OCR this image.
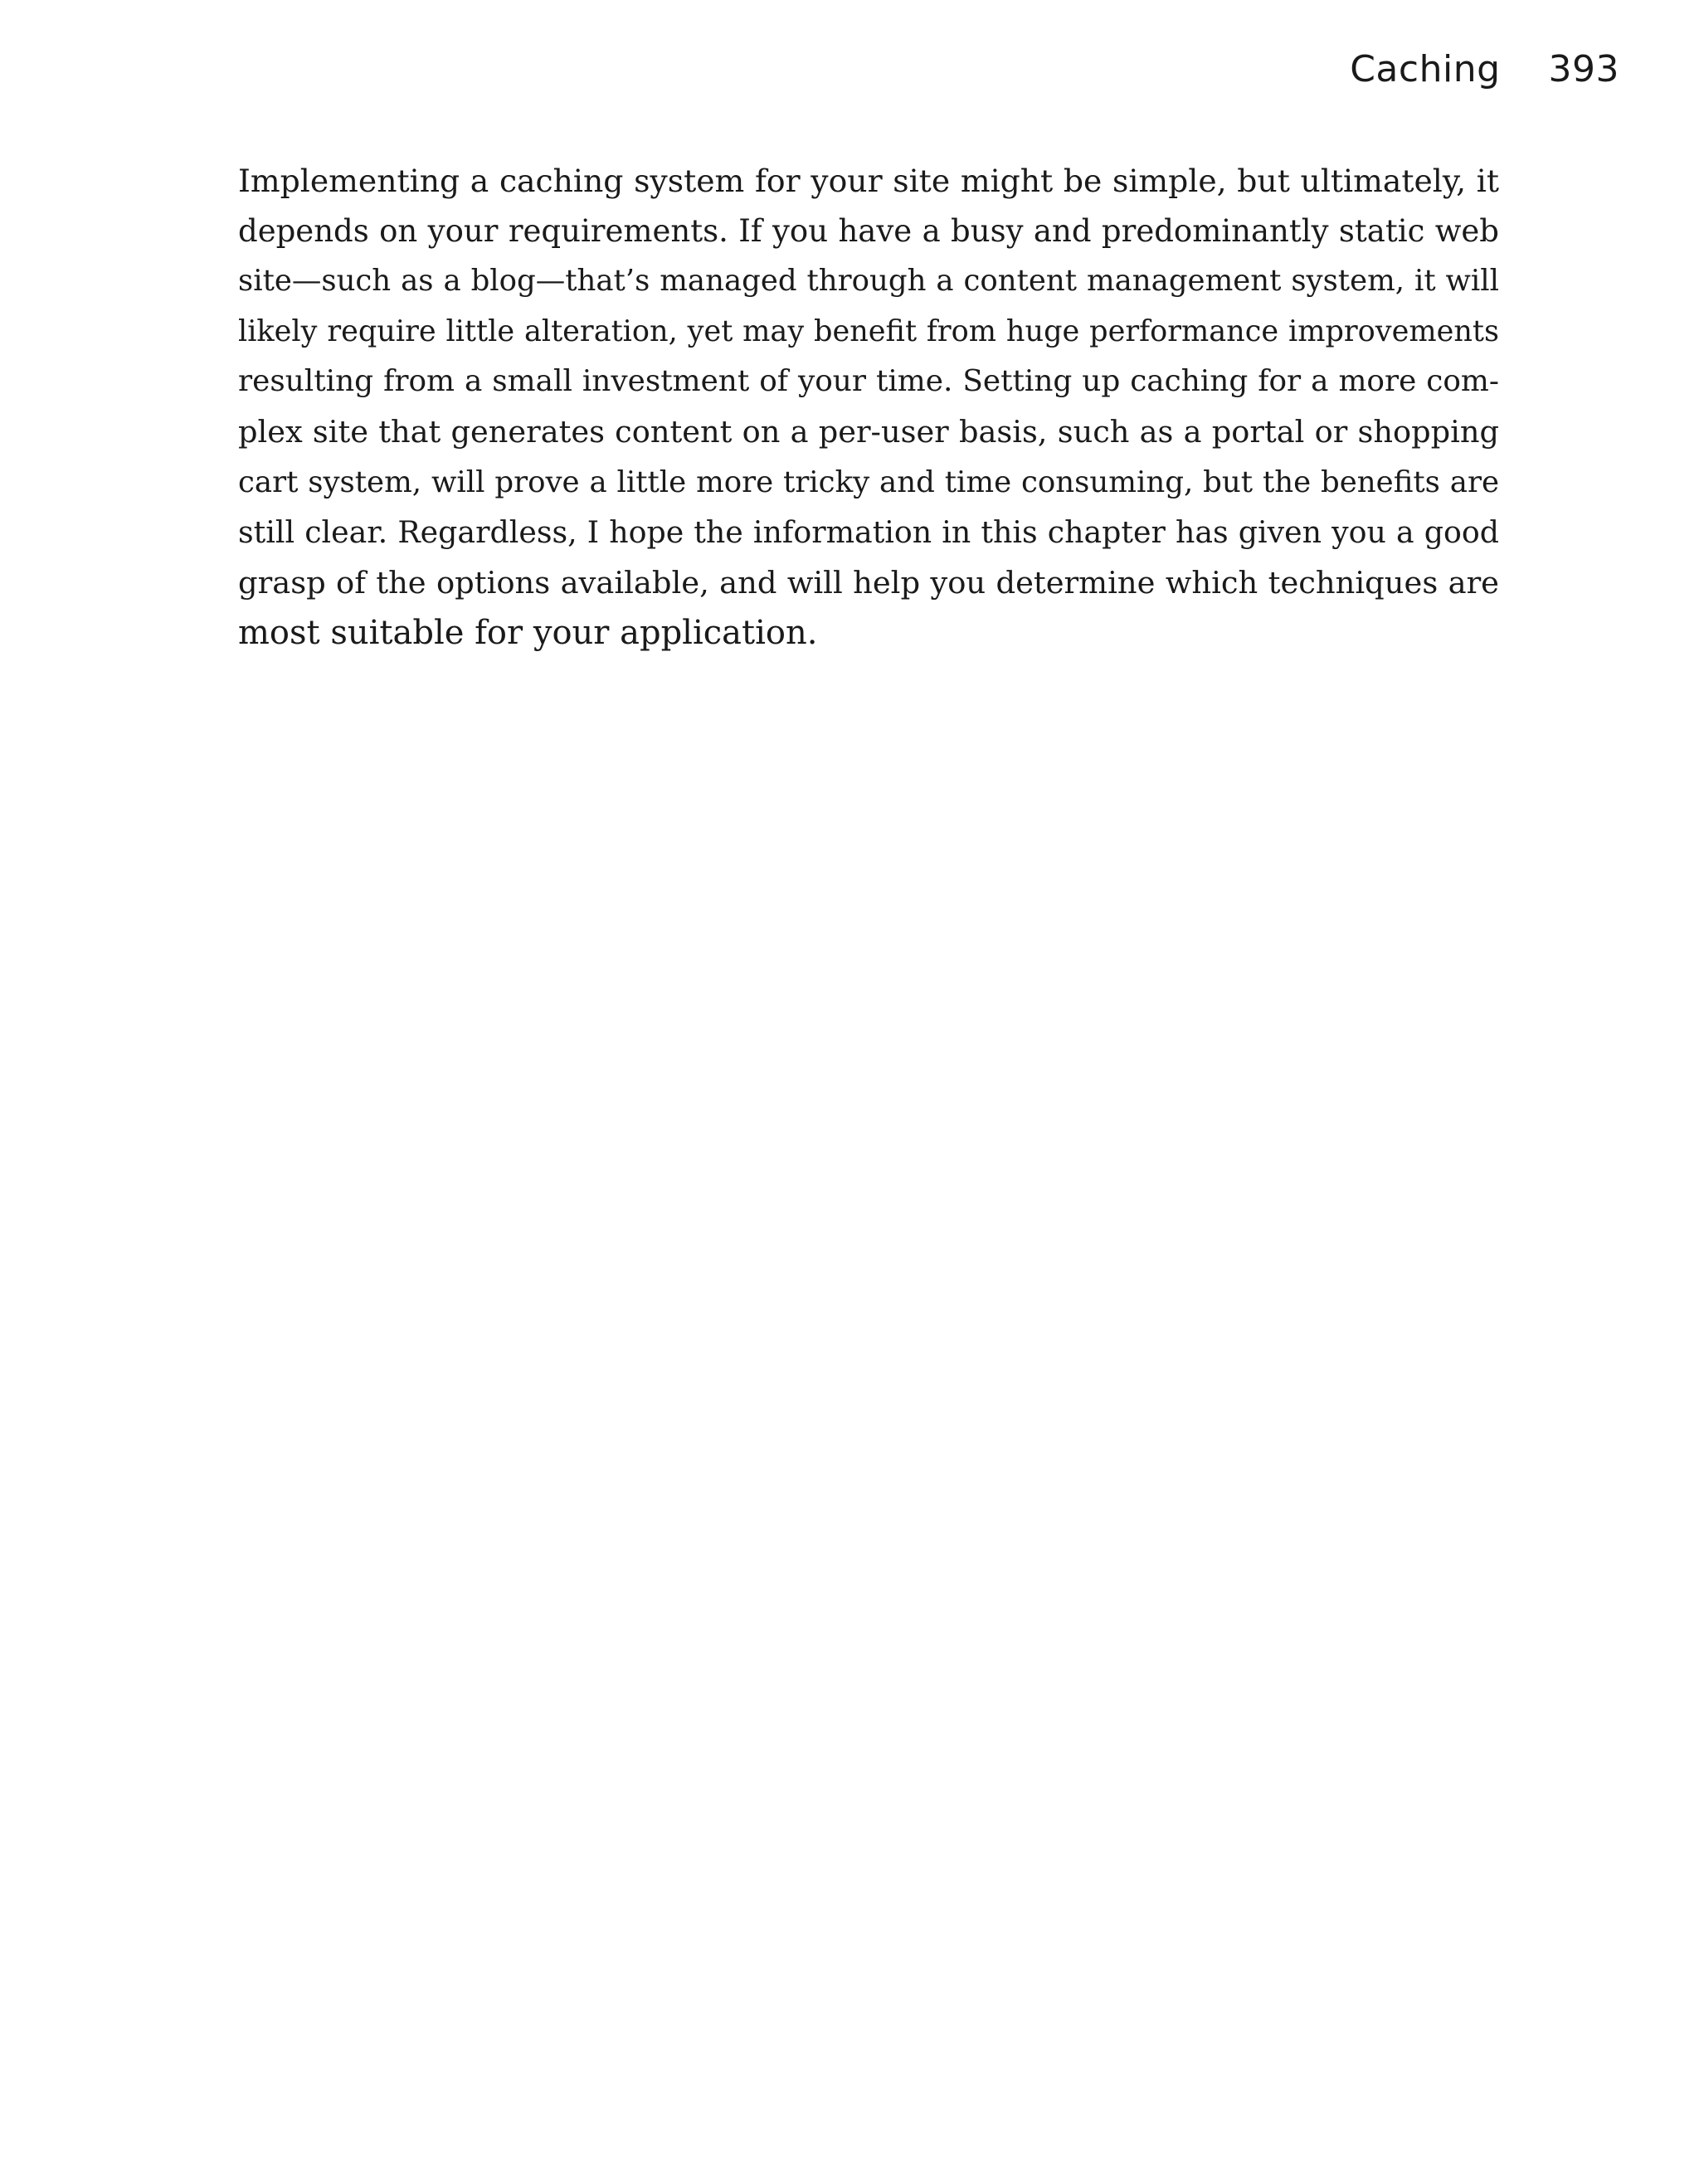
Caching 393
Implementing a caching system for your site might be simple, but ultimately, it
depends on your requirements. If you have a busy and predominantly static web
site—such as a blog—that’s managed through a content management system, it will
likely require little alteration, yet may benefit from huge performance improvements
resulting from a small investment of your time. Setting up caching for a more com-
plex site that generates content on a per-user basis, such as a portal or shopping
cart system, will prove a little more tricky and time consuming, but the benefits are
still clear. Regardless, I hope the information in this chapter has given you a good
grasp of the options available, and will help you determine which techniques are
most suitable for your application.
